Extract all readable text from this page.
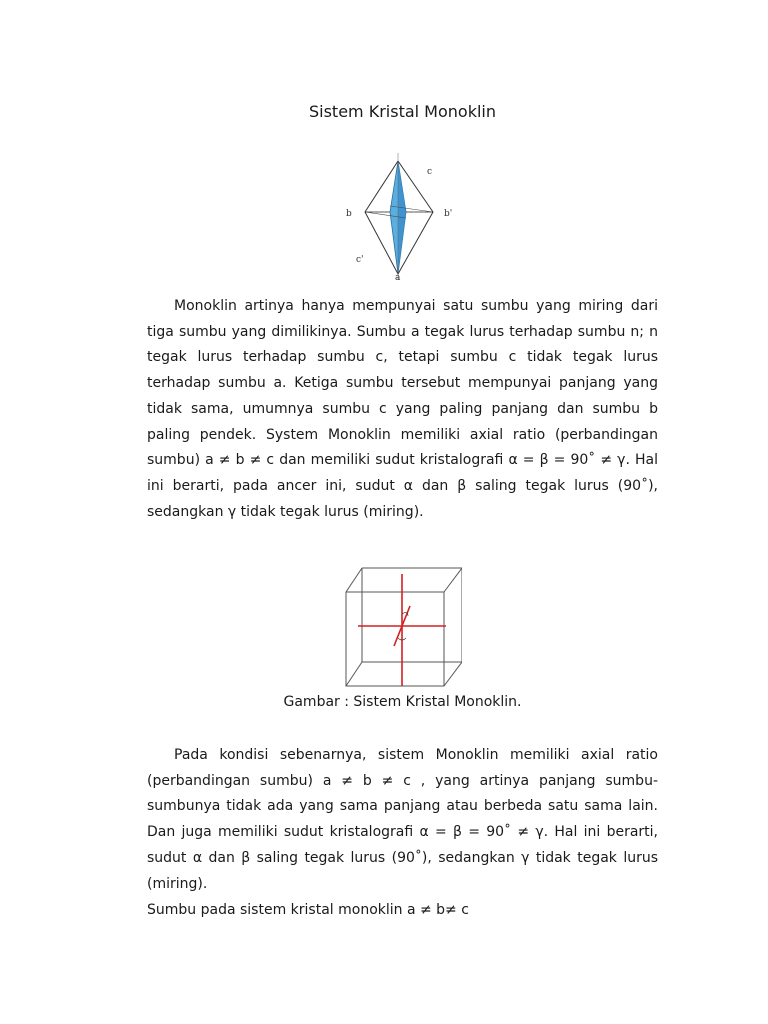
Sistem Kristal Monoklin
c
b	b'
c'
a
Monoklin artinya hanya mempunyai satu sumbu yang miring dari tiga sumbu yang dimilikinya. Sumbu a tegak lurus terhadap sumbu n; n tegak lurus terhadap sumbu c, tetapi sumbu c tidak tegak lurus terhadap sumbu a. Ketiga sumbu tersebut mempunyai panjang yang tidak sama, umumnya sumbu c yang paling panjang dan sumbu b paling pendek. System Monoklin memiliki axial ratio (perbandingan sumbu) a ≠ b ≠ c dan memiliki sudut kristalografi α = β = 90˚ ≠ γ. Hal ini berarti, pada ancer ini, sudut α dan β saling tegak lurus (90˚), sedangkan γ tidak tegak lurus (miring).
Gambar : Sistem Kristal Monoklin.
Pada kondisi sebenarnya, sistem Monoklin memiliki axial ratio (perbandingan sumbu) a ≠ b ≠ c , yang artinya panjang sumbu-sumbunya tidak ada yang sama panjang atau berbeda satu sama lain. Dan juga memiliki sudut kristalografi α = β = 90˚ ≠ γ. Hal ini berarti, sudut α dan β saling tegak lurus (90˚), sedangkan γ tidak tegak lurus (miring).
Sumbu pada sistem kristal monoklin a ≠ b≠ c
